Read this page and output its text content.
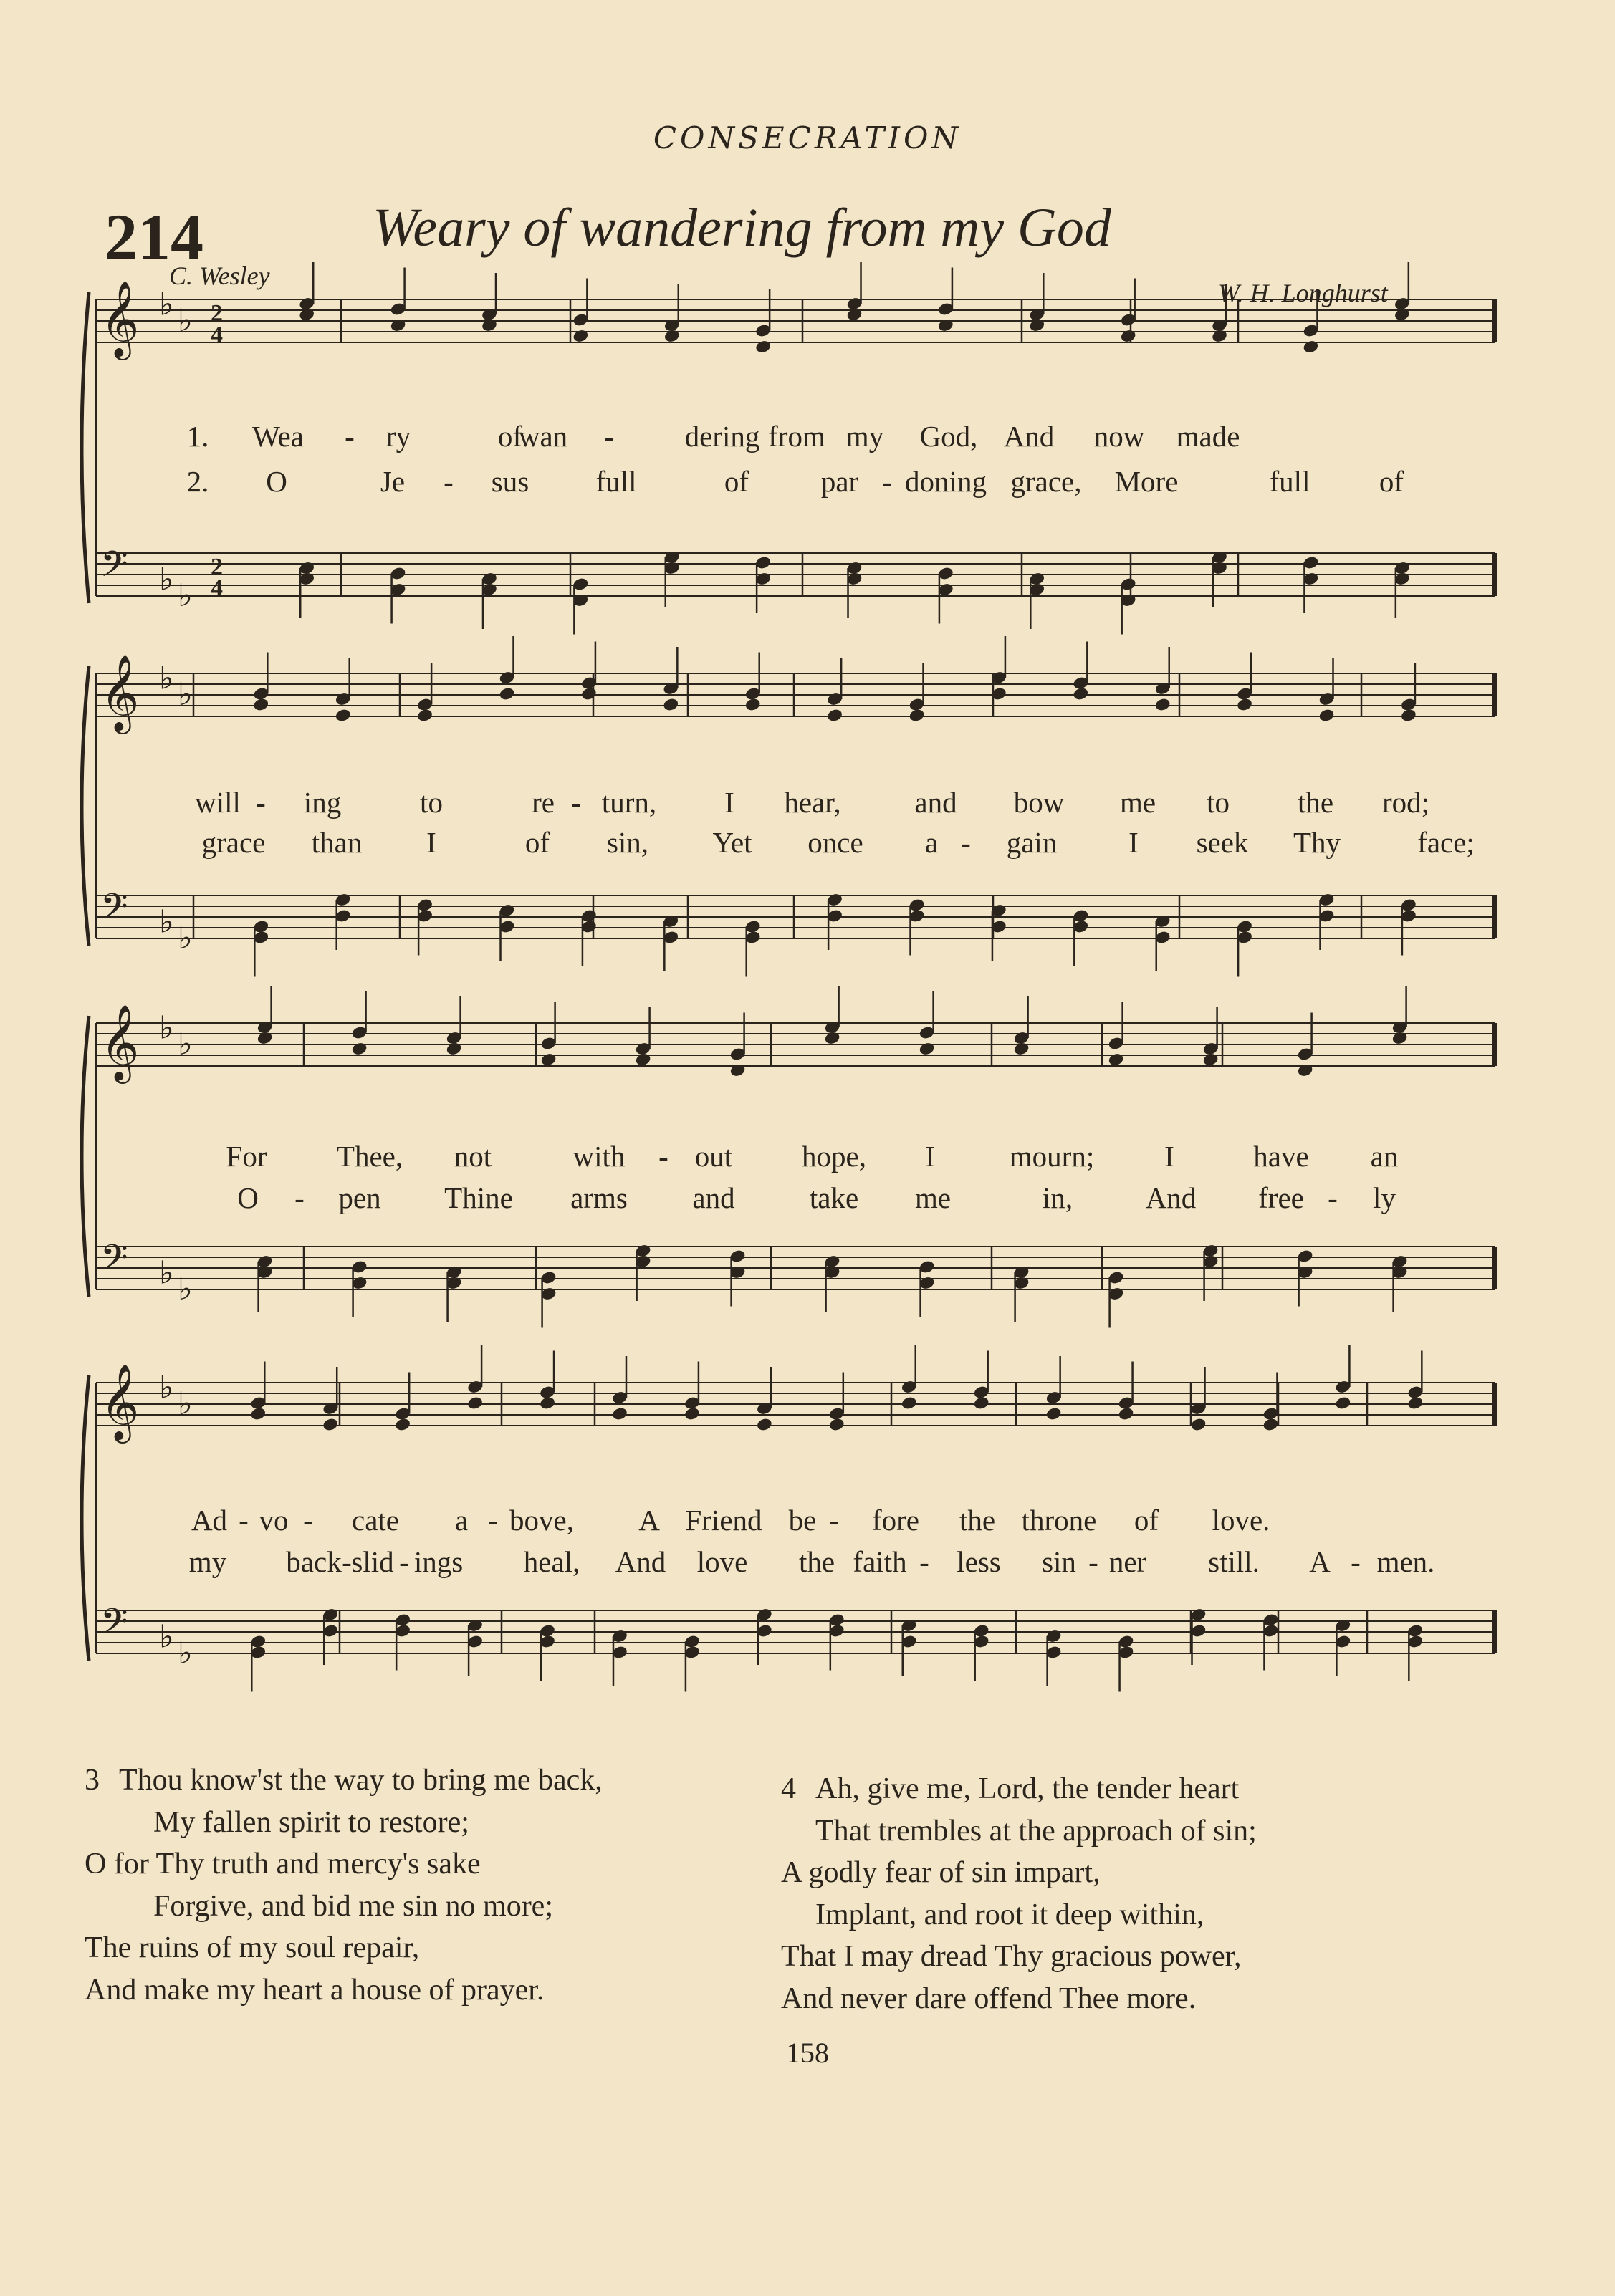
CONSECRATION
214	Weary of wandering from my God
C. Wesley
W. H. Longhurst
𝄞 ♭ ♭ 2
4
𝄢 ♭ ♭
2
4
𝄞 ♭ ♭
𝄢 ♭ ♭
𝄞 ♭ ♭
𝄢 ♭ ♭
𝄞 ♭ ♭
𝄢 ♭ ♭
1. Wea - ry	of
wan - dering from my God, And now made
2. O	Je - sus full	of par - doning grace, More	full of
will - ing	to	re - turn, I hear,	and bow me to the rod;
grace than I	of sin, Yet once a - gain I seek Thy	face;
For Thee, not	with - out hope, I	mourn; I	have an
O - pen Thine arms and	take me	in, And free - ly
Ad - vo - cate a - bove, A Friend be - fore the throne of love.
my back - slid - ings heal, And love the faith - less sin - ner still. A - men.
3 Thou know'st the way to bring me back,
My fallen spirit to restore;
O for Thy truth and mercy's sake
Forgive, and bid me sin no more;
The ruins of my soul repair,
And make my heart a house of prayer.
4 Ah, give me, Lord, the tender heart
That trembles at the approach of sin;
A godly fear of sin impart,
Implant, and root it deep within,
That I may dread Thy gracious power,
And never dare offend Thee more.
158
